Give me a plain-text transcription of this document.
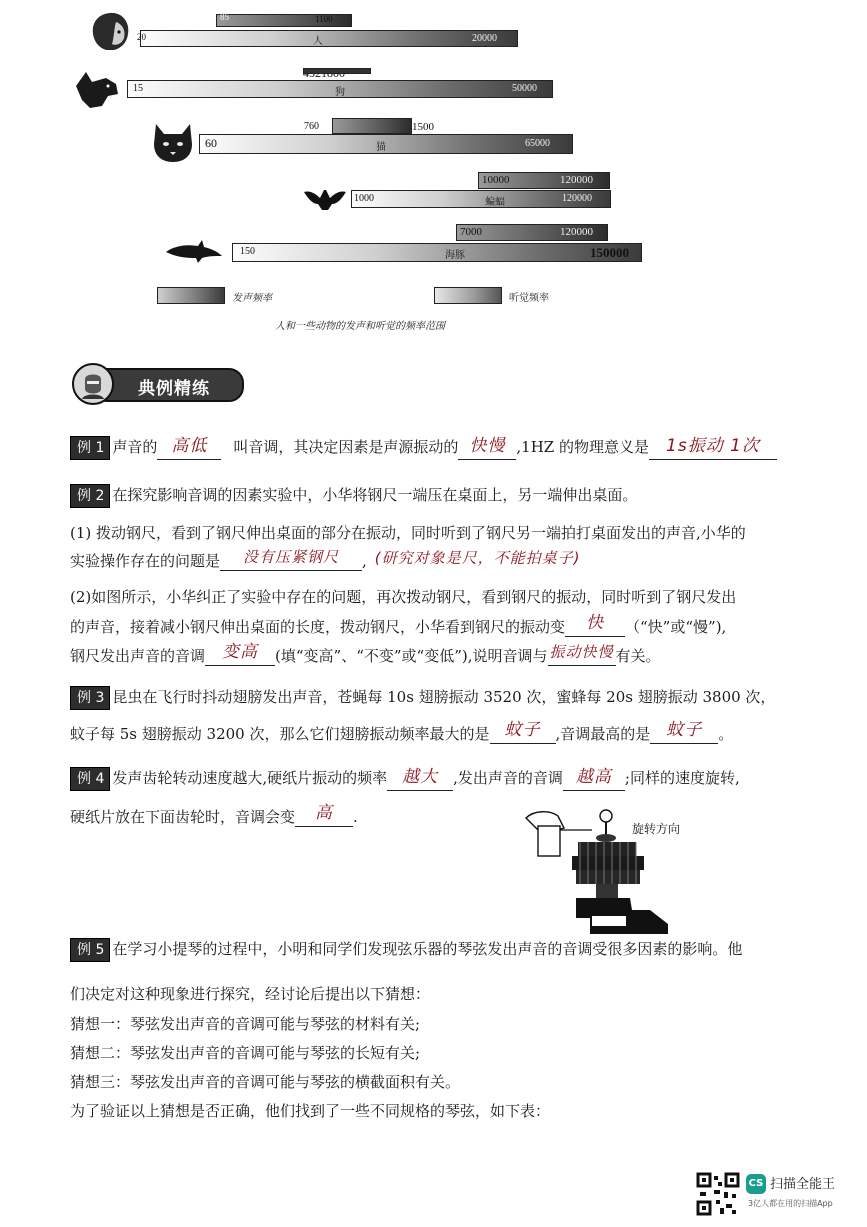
85	1100
20	人	20000
15	狗	50000
760	1500
60	猫	65000
10000	120000
1000	蝙蝠	120000
7000	120000
150	海豚	150000
发声频率	听觉频率
人和一些动物的发声和听觉的频率范围
典例精练
例 1 声音的 高低 叫音调，其决定因素是声源振动的 快慢 ,1HZ 的物理意义是 1s振动 1次
例 2 在探究影响音调的因素实验中，小华将钢尺一端压在桌面上，另一端伸出桌面。
(1) 拨动钢尺，看到了钢尺伸出桌面的部分在振动，同时听到了钢尺另一端拍打桌面发出的声音,小华的
实验操作存在的问题是 没有压紧钢尺 , (研究对象是尺，不能拍桌子)
(2)如图所示，小华纠正了实验中存在的问题，再次拨动钢尺，看到钢尺的振动，同时听到了钢尺发出
的声音，接着减小钢尺伸出桌面的长度，拨动钢尺，小华看到钢尺的振动变 快 （“快”或“慢”),
钢尺发出声音的音调 变高 (填“变高”、“不变”或“变低”),说明音调与 振动快慢 有关。
例 3 昆虫在飞行时抖动翅膀发出声音，苍蝇每 10s 翅膀振动 3520 次，蜜蜂每 20s 翅膀振动 3800 次，
蚊子每 5s 翅膀振动 3200 次，那么它们翅膀振动频率最大的是 蚊子 ,音调最高的是 蚊子 。
例 4 发声齿轮转动速度越大,硬纸片振动的频率 越大 ,发出声音的音调 越高 ;同样的速度旋转,
硬纸片放在下面齿轮时，音调会变 高 .
旋转方向
例 5 在学习小提琴的过程中，小明和同学们发现弦乐器的琴弦发出声音的音调受很多因素的影响。他
们决定对这种现象进行探究，经讨论后提出以下猜想：
猜想一：琴弦发出声音的音调可能与琴弦的材料有关;
猜想二：琴弦发出声音的音调可能与琴弦的长短有关;
猜想三：琴弦发出声音的音调可能与琴弦的横截面积有关。
为了验证以上猜想是否正确，他们找到了一些不同规格的琴弦，如下表：
CS 扫描全能王
3亿人都在用的扫描App
